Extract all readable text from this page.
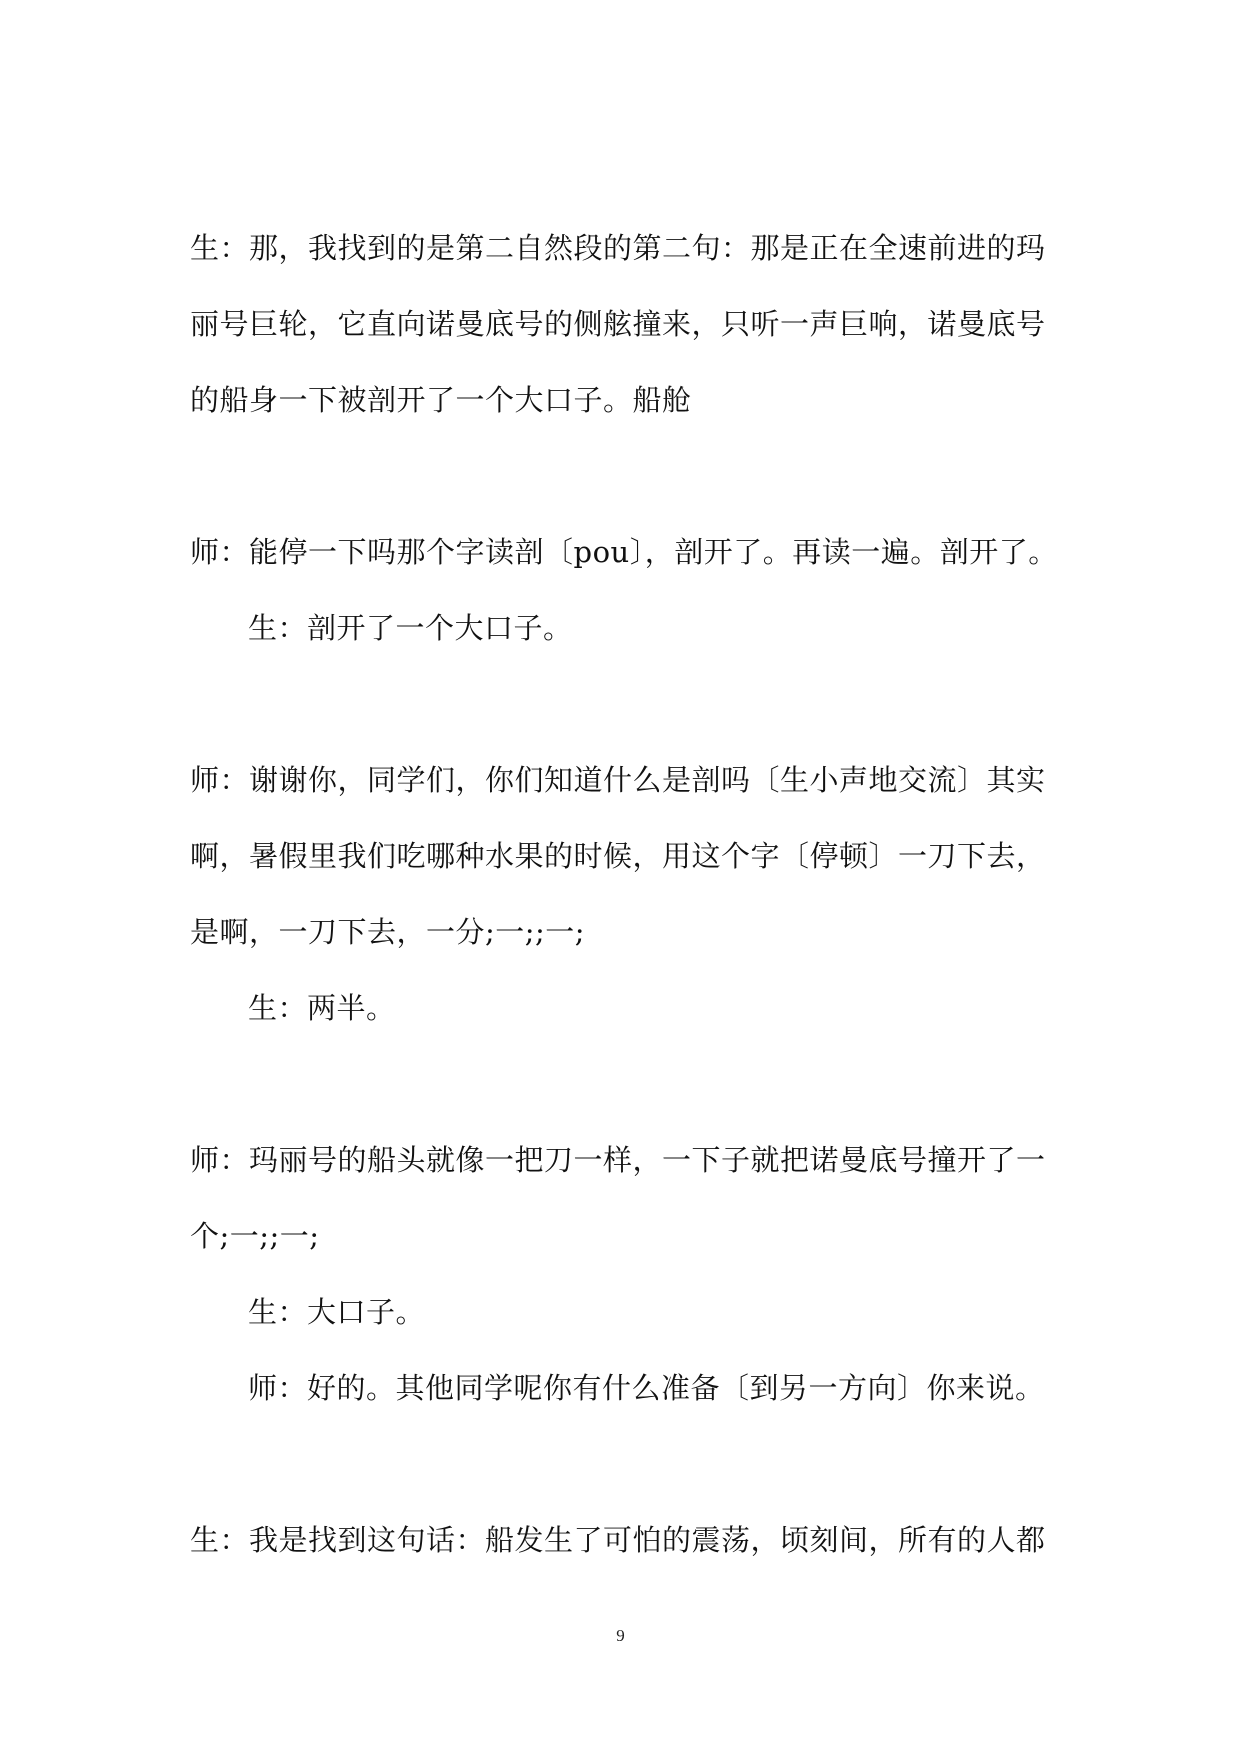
生：那，我找到的是第二自然段的第二句：那是正在全速前进的玛
丽号巨轮，它直向诺曼底号的侧舷撞来，只听一声巨响，诺曼底号
的船身一下被剖开了一个大口子。船舱
师：能停一下吗那个字读剖〔pou〕，剖开了。再读一遍。剖开了。
生：剖开了一个大口子。
师：谢谢你，同学们，你们知道什么是剖吗〔生小声地交流〕其实
啊，暑假里我们吃哪种水果的时候，用这个字〔停顿〕一刀下去，
是啊，一刀下去，一分;一;;一;
生：两半。
师：玛丽号的船头就像一把刀一样，一下子就把诺曼底号撞开了一
个;一;;一;
生：大口子。
师：好的。其他同学呢你有什么准备〔到另一方向〕你来说。
生：我是找到这句话：船发生了可怕的震荡，顷刻间，所有的人都
9
